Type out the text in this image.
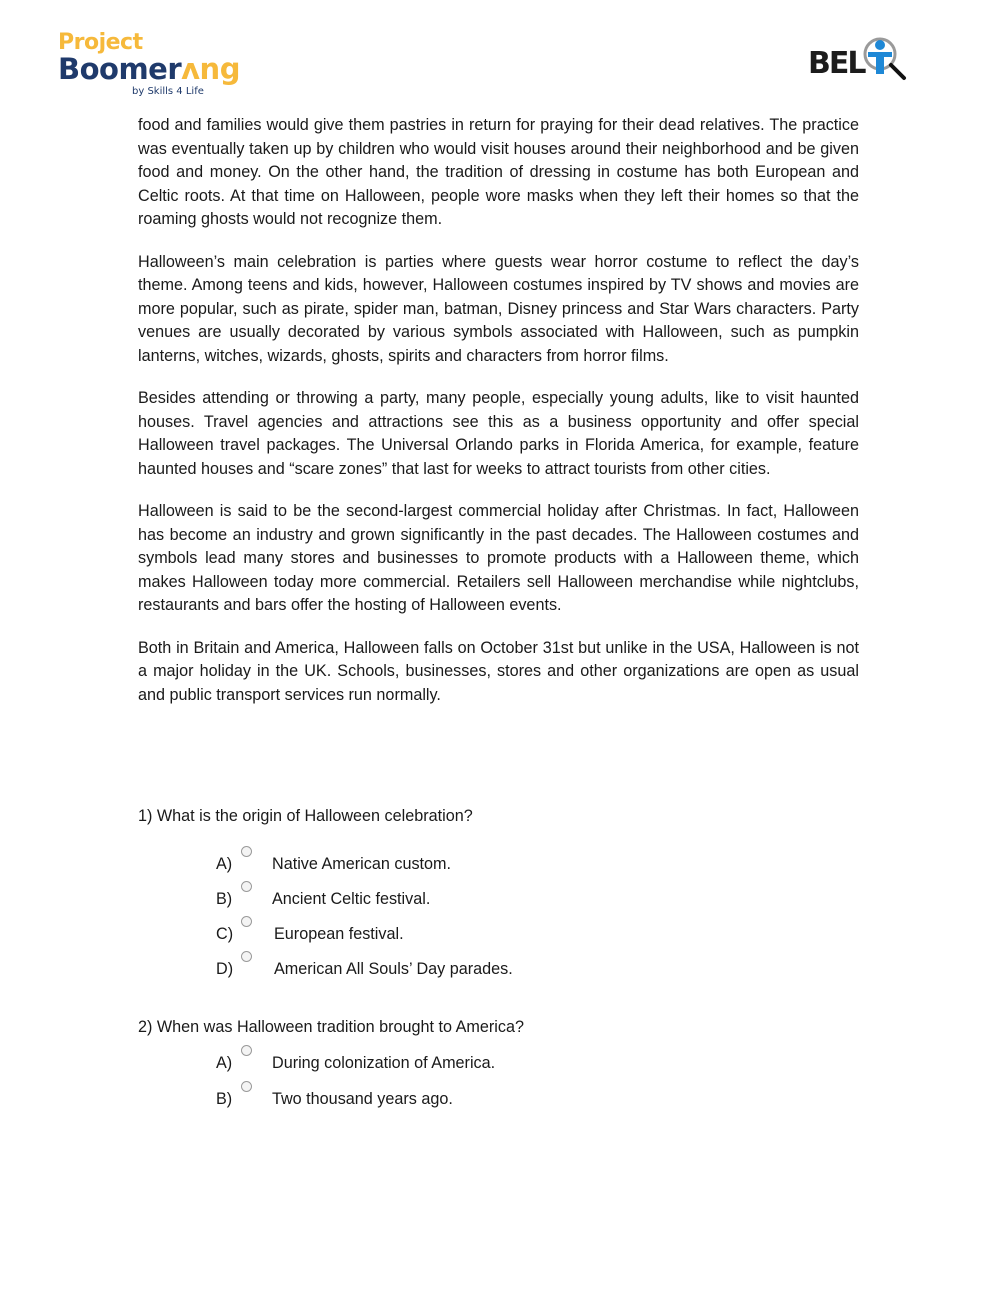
Project
Boomerʌng
by Skills 4 Life
BEL

food and families would give them pastries in return for praying for their dead relatives. The practice was eventually taken up by children who would visit houses around their neighborhood and be given food and money. On the other hand, the tradition of dressing in costume has both European and Celtic roots. At that time on Halloween, people wore masks when they left their homes so that the roaming ghosts would not recognize them.

Halloween’s main celebration is parties where guests wear horror costume to reflect the day’s theme. Among teens and kids, however, Halloween costumes inspired by TV shows and movies are more popular, such as pirate, spider man, batman, Disney princess and Star Wars characters. Party venues are usually decorated by various symbols associated with Halloween, such as pumpkin lanterns, witches, wizards, ghosts, spirits and characters from horror films.

Besides attending or throwing a party, many people, especially young adults, like to visit haunted houses. Travel agencies and attractions see this as a business opportunity and offer special Halloween travel packages. The Universal Orlando parks in Florida America, for example, feature haunted houses and “scare zones” that last for weeks to attract tourists from other cities.

Halloween is said to be the second-largest commercial holiday after Christmas. In fact, Halloween has become an industry and grown significantly in the past decades. The Halloween costumes and symbols lead many stores and businesses to promote products with a Halloween theme, which makes Halloween today more commercial. Retailers sell Halloween merchandise while nightclubs, restaurants and bars offer the hosting of Halloween events.

Both in Britain and America, Halloween falls on October 31st but unlike in the USA, Halloween is not a major holiday in the UK. Schools, businesses, stores and other organizations are open as usual and public transport services run normally.

1) What is the origin of Halloween celebration?
A) Native American custom.
B) Ancient Celtic festival.
C)	European festival.
D)	American All Souls’ Day parades.
2) When was Halloween tradition brought to America?
A) During colonization of America.
B) Two thousand years ago.
